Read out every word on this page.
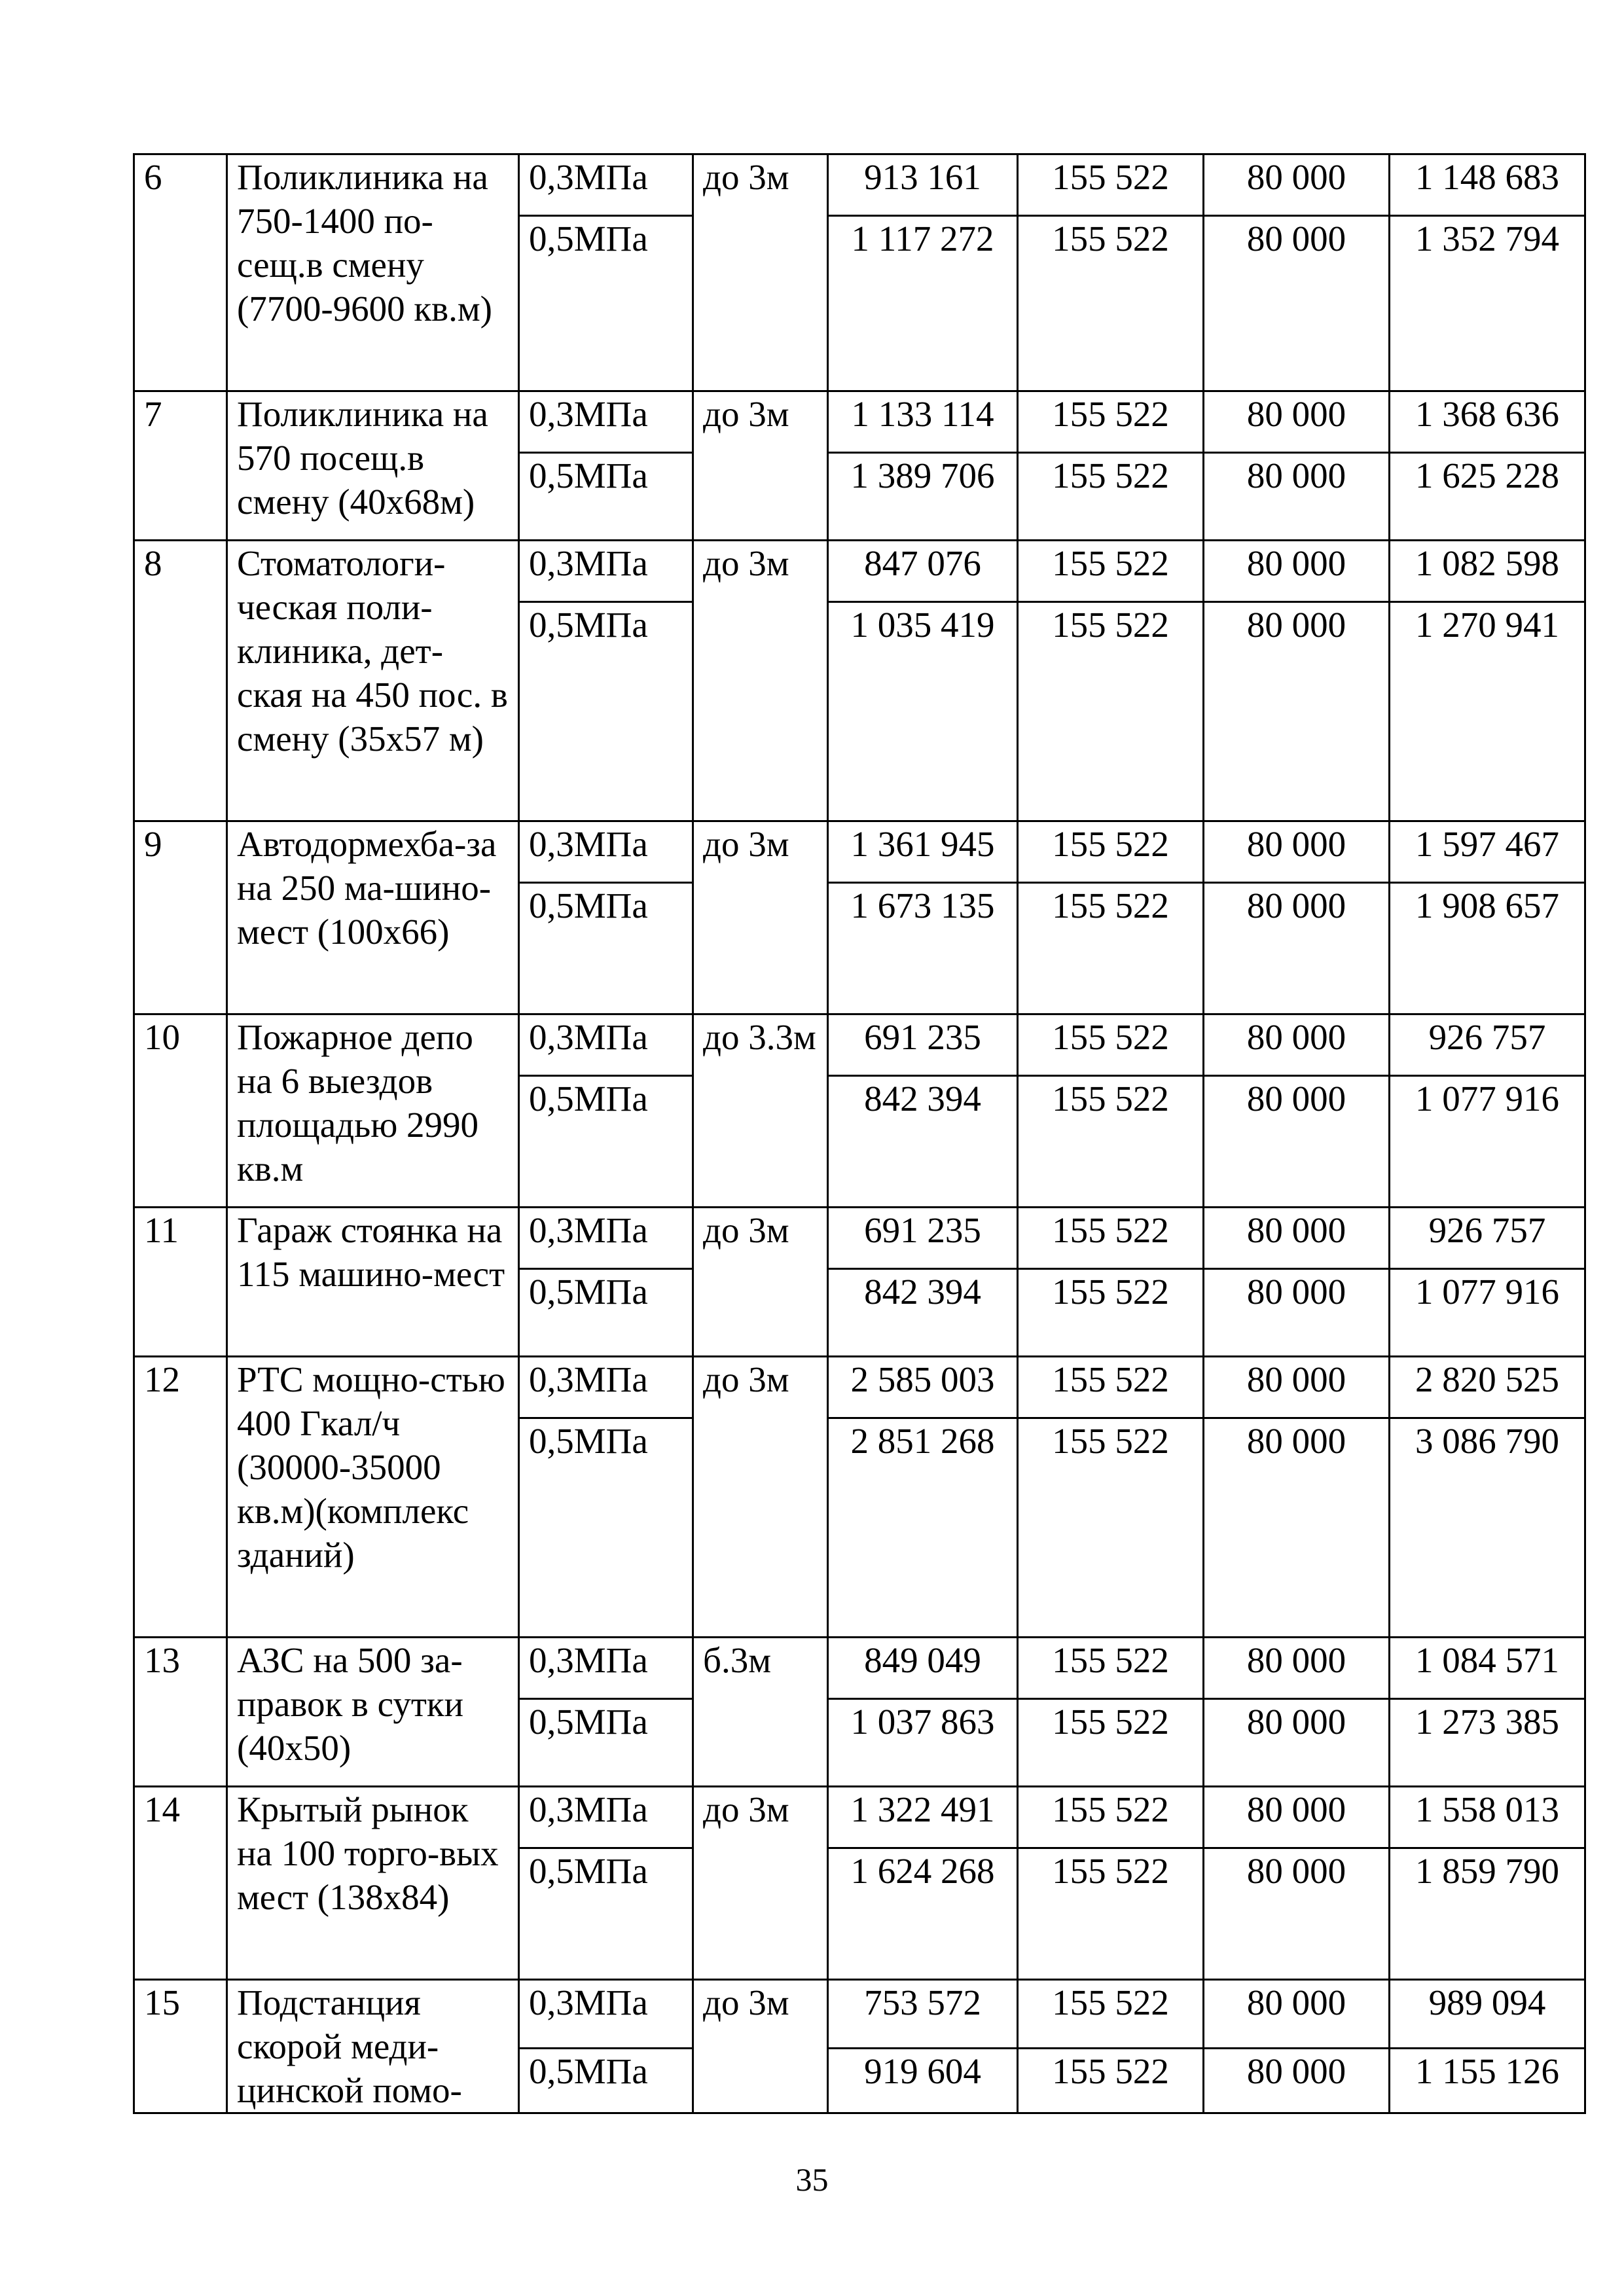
6	Поликлиника на 750-1400 по-сещ.в смену (7700-9600 кв.м)	0,3МПа	до 3м	913 161	155 522	80 000	1 148 683
		0,5МПа		1 117 272	155 522	80 000	1 352 794
7	Поликлиника на 570 посещ.в смену (40х68м)	0,3МПа	до 3м	1 133 114	155 522	80 000	1 368 636
		0,5МПа		1 389 706	155 522	80 000	1 625 228
8	Стоматологи-ческая поли-клиника, дет-ская на 450 пос. в смену (35х57 м)	0,3МПа	до 3м	847 076	155 522	80 000	1 082 598
		0,5МПа		1 035 419	155 522	80 000	1 270 941
9	Автодормехба-за на 250 ма-шино-мест (100х66)	0,3МПа	до 3м	1 361 945	155 522	80 000	1 597 467
		0,5МПа		1 673 135	155 522	80 000	1 908 657
10	Пожарное депо на 6 выездов площадью 2990 кв.м	0,3МПа	до 3.3м	691 235	155 522	80 000	926 757
		0,5МПа		842 394	155 522	80 000	1 077 916
11	Гараж стоянка на 115 машино-мест	0,3МПа	до 3м	691 235	155 522	80 000	926 757
		0,5МПа		842 394	155 522	80 000	1 077 916
12	РТС мощно-стью 400 Гкал/ч (30000-35000 кв.м)(комплекс зданий)	0,3МПа	до 3м	2 585 003	155 522	80 000	2 820 525
		0,5МПа		2 851 268	155 522	80 000	3 086 790
13	АЗС на 500 за-правок в сутки (40х50)	0,3МПа	б.3м	849 049	155 522	80 000	1 084 571
		0,5МПа		1 037 863	155 522	80 000	1 273 385
14	Крытый рынок на 100 торго-вых мест (138х84)	0,3МПа	до 3м	1 322 491	155 522	80 000	1 558 013
		0,5МПа		1 624 268	155 522	80 000	1 859 790
15	Подстанция скорой меди-цинской помо-	0,3МПа	до 3м	753 572	155 522	80 000	989 094
		0,5МПа		919 604	155 522	80 000	1 155 126
35
